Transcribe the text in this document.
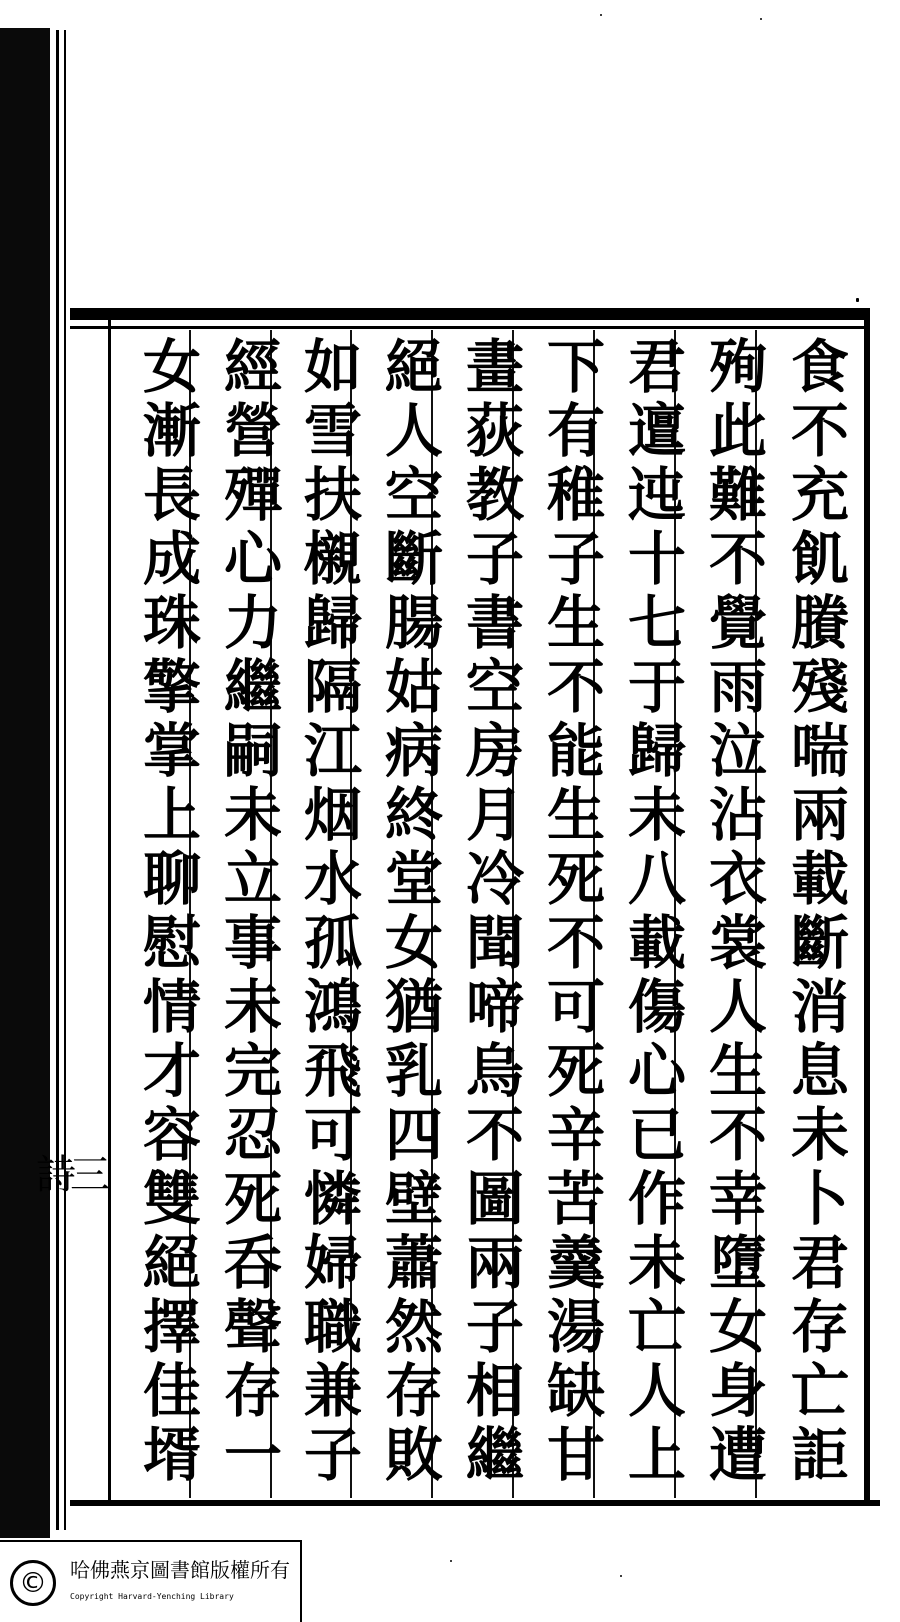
詩三
食不充飢賸殘喘兩載斷消息未卜君存亡詎
殉此難不覺雨泣沾衣裳人生不幸墮女身遭
君邅迍十七于歸未八載傷心已作未亡人上
下有稚子生不能生死不可死辛苦羹湯缺甘
畫荻教子書空房月冷聞啼烏不圖兩子相繼
絕人空斷腸姑病終堂女猶乳四壁蕭然存敗
如雪扶櫬歸隔江烟水孤鴻飛可憐婦職兼子
經營殫心力繼嗣未立事未完忍死呑聲存一
女漸長成珠擎掌上聊慰情才容雙絕擇佳壻
©	哈佛燕京圖書館版權所有
Copyright Harvard-Yenching Library
